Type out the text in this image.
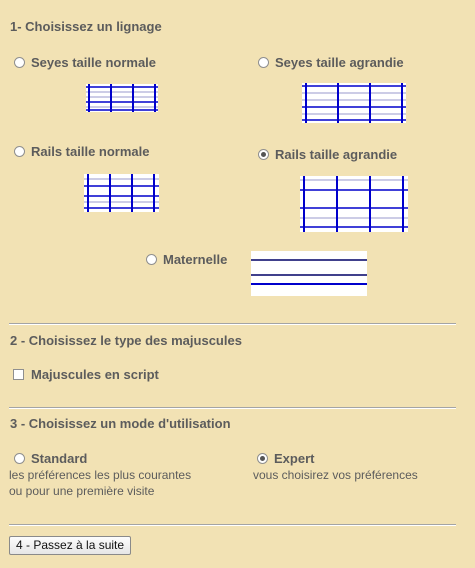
1- Choisissez un lignage
Seyes taille normale	Seyes taille agrandie
Rails taille normale	Rails taille agrandie
Maternelle
2 - Choisissez le type des majuscules
Majuscules en script
3 - Choisissez un mode d'utilisation
Standard
les préférences les plus courantes
ou pour une première visite
Expert
vous choisirez vos préférences
4 - Passez à la suite
